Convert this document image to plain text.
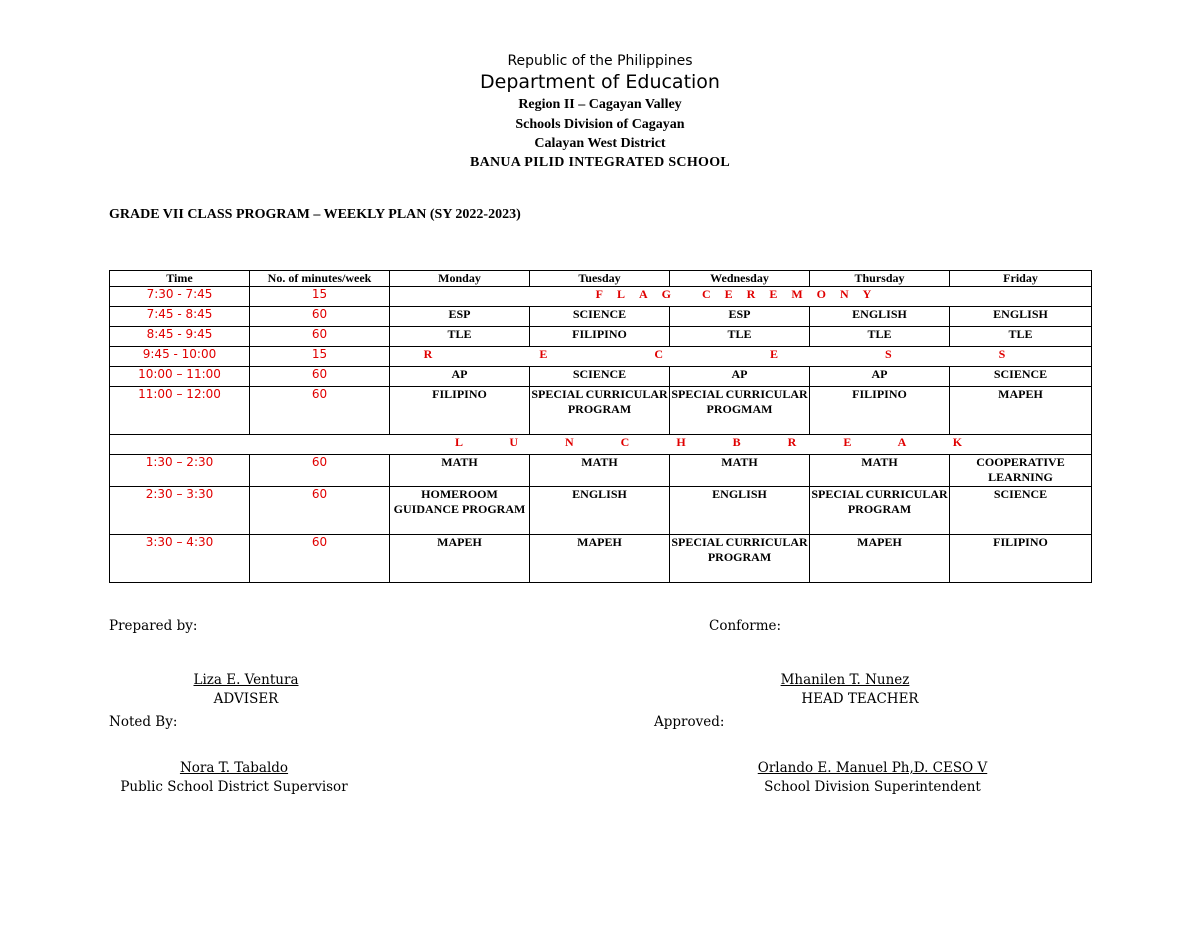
Republic of the Philippines
Department of Education
Region II – Cagayan Valley
Schools Division of Cagayan
Calayan West District
BANUA PILID INTEGRATED SCHOOL
GRADE VII CLASS PROGRAM – WEEKLY PLAN (SY 2022-2023)
Time	No. of minutes/week	Monday	Tuesday	Wednesday	Thursday	Friday
7:30 - 7:45	15	FLAG CEREMONY				
7:45 - 8:45	60	ESP	SCIENCE	ESP	ENGLISH	ENGLISH
8:45 - 9:45	60	TLE	FILIPINO	TLE	TLE	TLE
9:45 - 10:00	15	R E C E S S				
10:00 – 11:00	60	AP	SCIENCE	AP	AP	SCIENCE
11:00 – 12:00	60	FILIPINO	SPECIAL CURRICULAR PROGRAM	SPECIAL CURRICULAR PROGMAM	FILIPINO	MAPEH
L U N C H B R E A K						
1:30 – 2:30	60	MATH	MATH	MATH	MATH	COOPERATIVE LEARNING
2:30 – 3:30	60	HOMEROOM GUIDANCE PROGRAM	ENGLISH	ENGLISH	SPECIAL CURRICULAR PROGRAM	SCIENCE
3:30 – 4:30	60	MAPEH	MAPEH	SPECIAL CURRICULAR PROGRAM	MAPEH	FILIPINO
Prepared by:	Conforme:
Liza E. Ventura
ADVISER
Mhanilen T. Nunez
HEAD TEACHER
Noted By:	Approved:
Nora T. Tabaldo
Public School District Supervisor
Orlando E. Manuel Ph,D. CESO V
School Division Superintendent
